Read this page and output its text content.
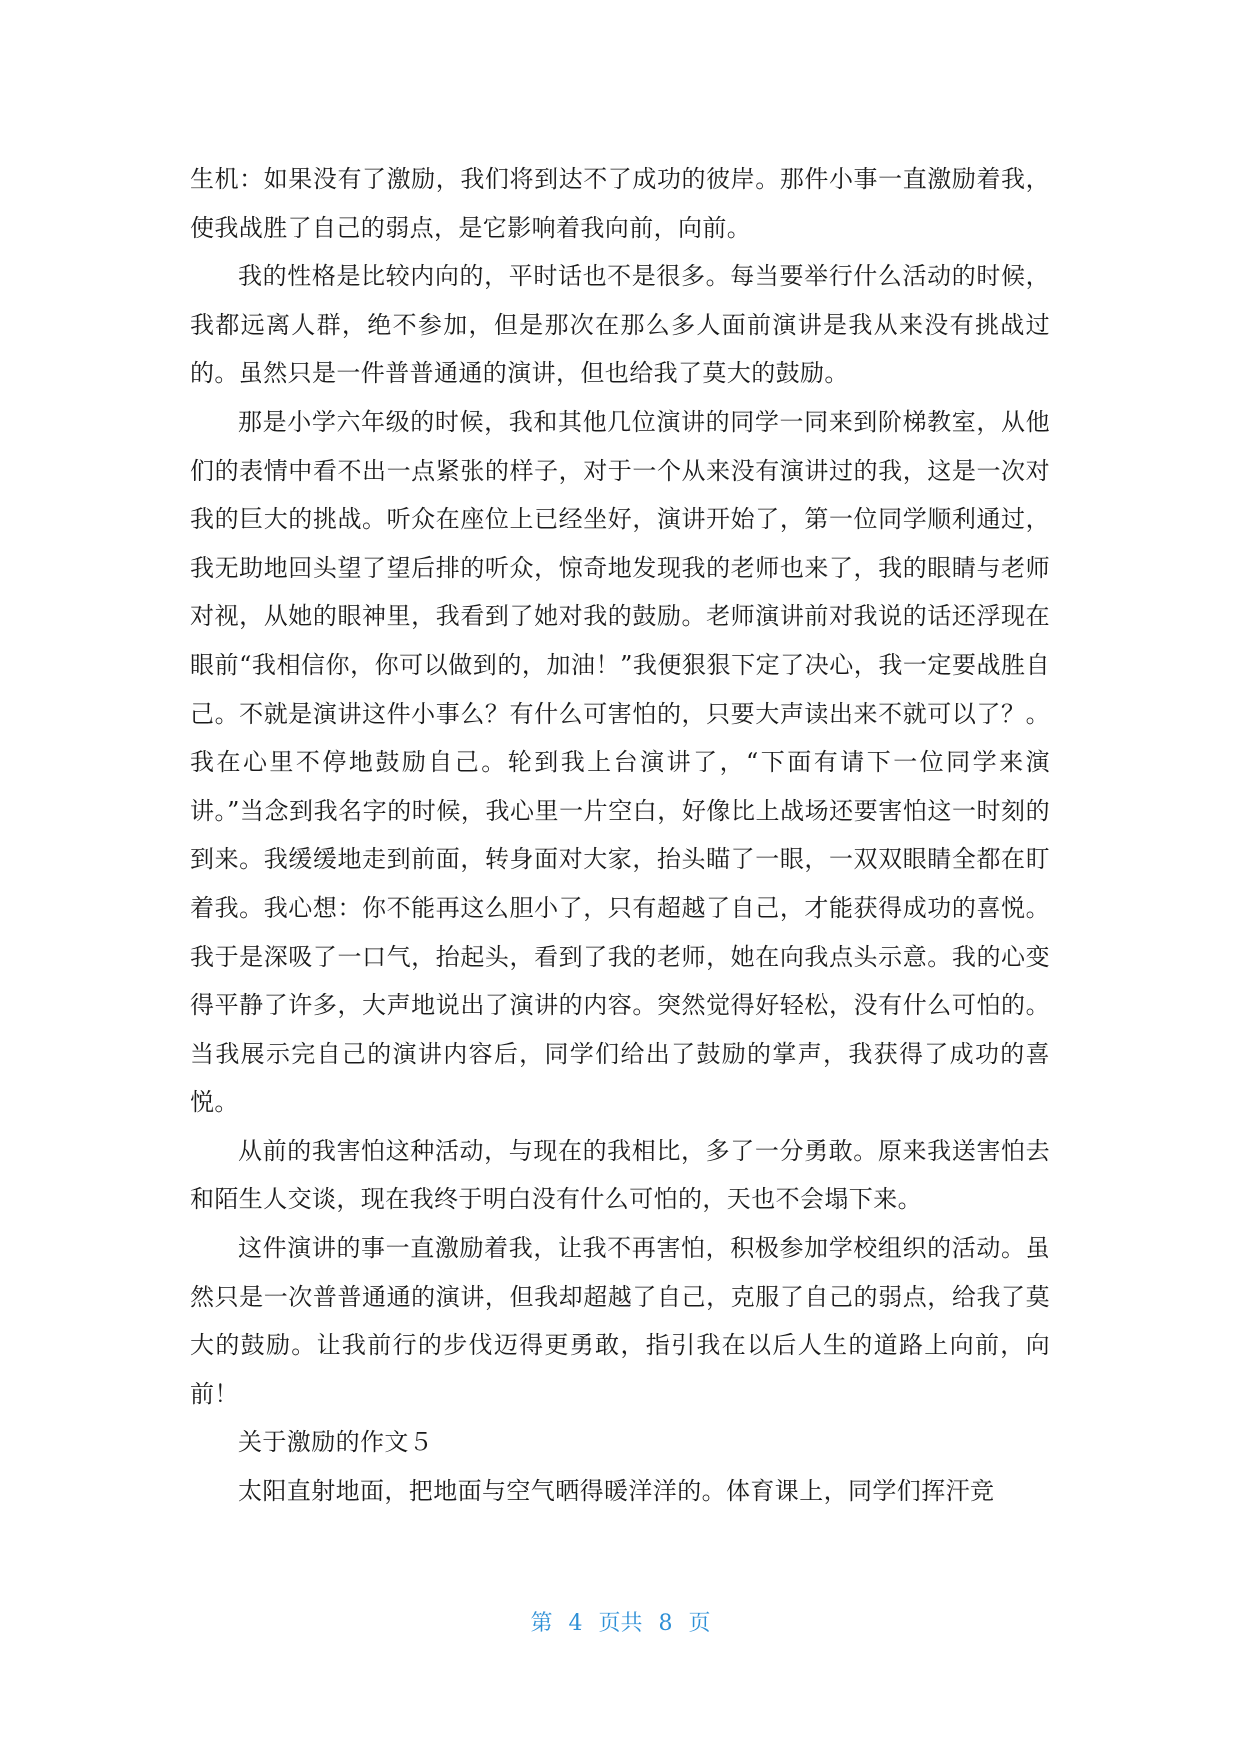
生机：如果没有了激励，我们将到达不了成功的彼岸。那件小事一直激励着我，使我战胜了自己的弱点，是它影响着我向前，向前。

我的性格是比较内向的，平时话也不是很多。每当要举行什么活动的时候，我都远离人群，绝不参加，但是那次在那么多人面前演讲是我从来没有挑战过的。虽然只是一件普普通通的演讲，但也给我了莫大的鼓励。

那是小学六年级的时候，我和其他几位演讲的同学一同来到阶梯教室，从他们的表情中看不出一点紧张的样子，对于一个从来没有演讲过的我，这是一次对我的巨大的挑战。听众在座位上已经坐好，演讲开始了，第一位同学顺利通过，我无助地回头望了望后排的听众，惊奇地发现我的老师也来了，我的眼睛与老师对视，从她的眼神里，我看到了她对我的鼓励。老师演讲前对我说的话还浮现在眼前“我相信你，你可以做到的，加油！”我便狠狠下定了决心，我一定要战胜自己。不就是演讲这件小事么？有什么可害怕的，只要大声读出来不就可以了？。我在心里不停地鼓励自己。轮到我上台演讲了，“下面有请下一位同学来演讲。”当念到我名字的时候，我心里一片空白，好像比上战场还要害怕这一时刻的到来。我缓缓地走到前面，转身面对大家，抬头瞄了一眼，一双双眼睛全都在盯着我。我心想：你不能再这么胆小了，只有超越了自己，才能获得成功的喜悦。我于是深吸了一口气，抬起头，看到了我的老师，她在向我点头示意。我的心变得平静了许多，大声地说出了演讲的内容。突然觉得好轻松，没有什么可怕的。当我展示完自己的演讲内容后，同学们给出了鼓励的掌声，我获得了成功的喜悦。

从前的我害怕这种活动，与现在的我相比，多了一分勇敢。原来我送害怕去和陌生人交谈，现在我终于明白没有什么可怕的，天也不会塌下来。

这件演讲的事一直激励着我，让我不再害怕，积极参加学校组织的活动。虽然只是一次普普通通的演讲，但我却超越了自己，克服了自己的弱点，给我了莫大的鼓励。让我前行的步伐迈得更勇敢，指引我在以后人生的道路上向前，向前！

关于激励的作文５

太阳直射地面，把地面与空气晒得暖洋洋的。体育课上，同学们挥汗竞

第 4 页共 8 页
